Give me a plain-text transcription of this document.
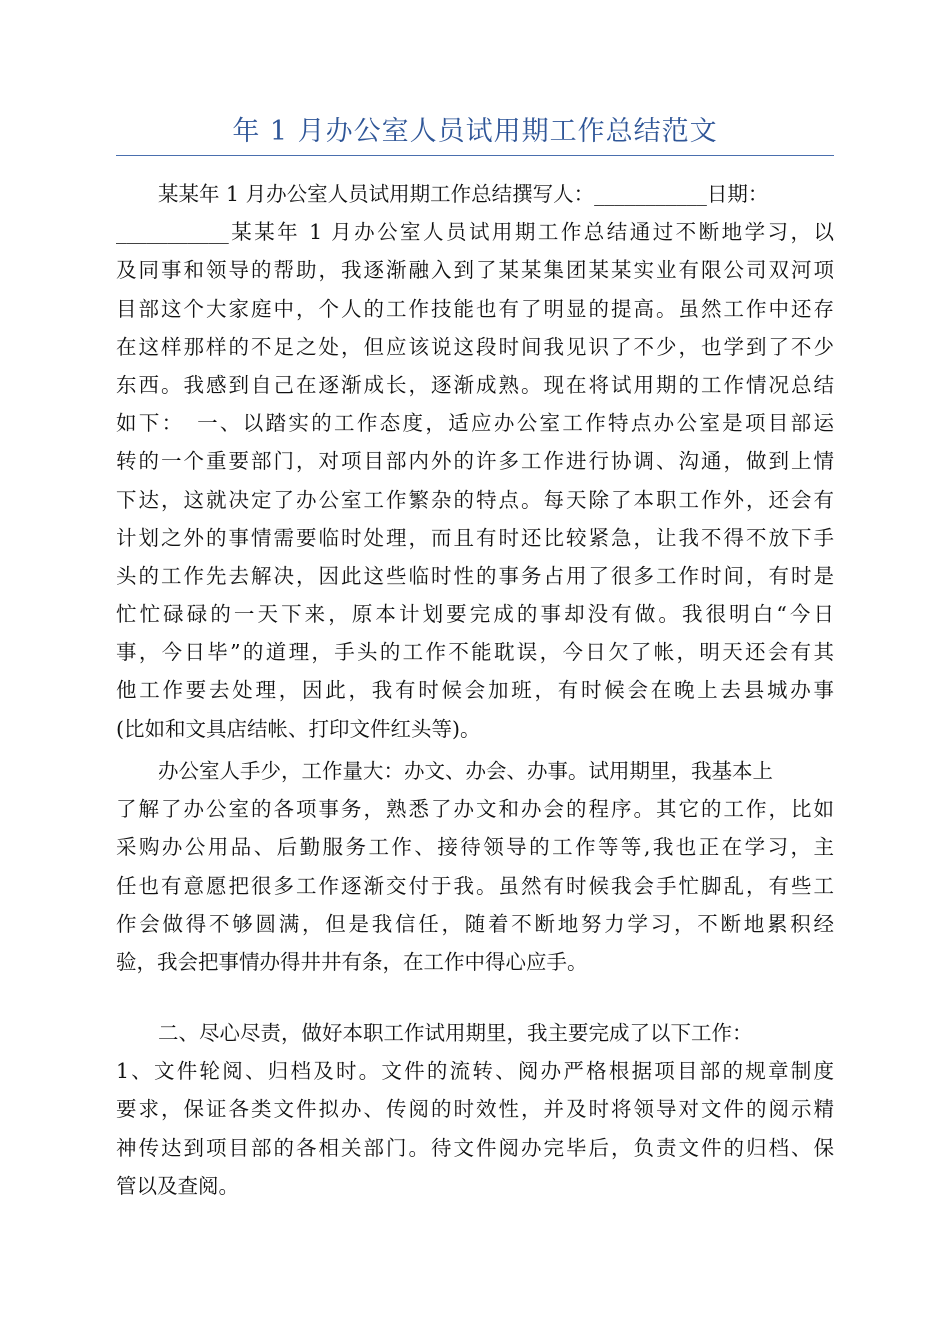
年 1 月办公室人员试用期工作总结范文
某某年 1 月办公室人员试用期工作总结撰写人：___________日期：
___________某某年 1 月办公室人员试用期工作总结通过不断地学习，以
及同事和领导的帮助，我逐渐融入到了某某集团某某实业有限公司双河项
目部这个大家庭中，个人的工作技能也有了明显的提高。虽然工作中还存
在这样那样的不足之处，但应该说这段时间我见识了不少，也学到了不少
东西。我感到自己在逐渐成长，逐渐成熟。现在将试用期的工作情况总结
如下：　一、以踏实的工作态度，适应办公室工作特点办公室是项目部运
转的一个重要部门，对项目部内外的许多工作进行协调、沟通，做到上情
下达，这就决定了办公室工作繁杂的特点。每天除了本职工作外，还会有
计划之外的事情需要临时处理，而且有时还比较紧急，让我不得不放下手
头的工作先去解决，因此这些临时性的事务占用了很多工作时间，有时是
忙忙碌碌的一天下来，原本计划要完成的事却没有做。我很明白“今日
事，今日毕”的道理，手头的工作不能耽误，今日欠了帐，明天还会有其
他工作要去处理，因此，我有时候会加班，有时候会在晚上去县城办事
(比如和文具店结帐、打印文件红头等)。
办公室人手少，工作量大：办文、办会、办事。试用期里，我基本上
了解了办公室的各项事务，熟悉了办文和办会的程序。其它的工作，比如
采购办公用品、后勤服务工作、接待领导的工作等等,我也正在学习，主
任也有意愿把很多工作逐渐交付于我。虽然有时候我会手忙脚乱，有些工
作会做得不够圆满，但是我信任，随着不断地努力学习，不断地累积经
验，我会把事情办得井井有条，在工作中得心应手。
二、尽心尽责，做好本职工作试用期里，我主要完成了以下工作：
1、文件轮阅、归档及时。文件的流转、阅办严格根据项目部的规章制度
要求，保证各类文件拟办、传阅的时效性，并及时将领导对文件的阅示精
神传达到项目部的各相关部门。待文件阅办完毕后，负责文件的归档、保
管以及查阅。
